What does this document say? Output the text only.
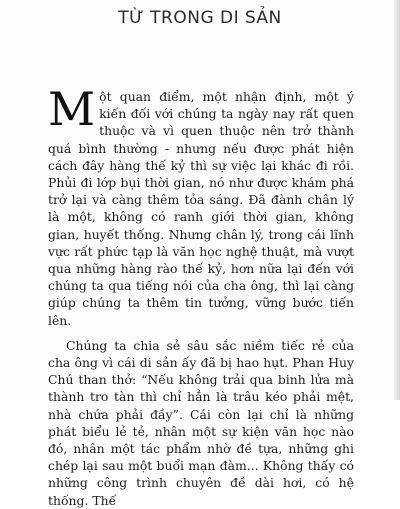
TỪ TRONG DI SẢN

Một quan điểm, một nhận định, một ý kiến đối với chúng ta ngày nay rất quen thuộc và vì quen thuộc nên trở thành quá bình thường - nhưng nếu được phát hiện cách đây hàng thế kỷ thì sự việc lại khác đi rồi. Phủi đi lớp bụi thời gian, nó như được khám phá trở lại và càng thêm tỏa sáng. Đã đành chân lý là một, không có ranh giới thời gian, không gian, huyết thống. Nhưng chân lý, trong cái lĩnh vực rất phức tạp là văn học nghệ thuật, mà vượt qua những hàng rào thế kỷ, hơn nữa lại đến với chúng ta qua tiếng nói của cha ông, thì lại càng giúp chúng ta thêm tin tưởng, vững bước tiến lên.

Chúng ta chia sẻ sâu sắc niềm tiếc rẻ của cha ông vì cái di sản ấy đã bị hao hụt. Phan Huy Chú than thở: “Nếu không trải qua binh lửa mà thành tro tàn thì chỉ hẳn là trâu kéo phải mệt, nhà chứa phải đầy”. Cái còn lại chỉ là những phát biểu lẻ tẻ, nhân một sự kiện văn học nào đó, nhân một tác phẩm nhờ đề tựa, những ghi chép lại sau một buổi mạn đàm... Không thấy có những công trình chuyên đề dài hơi, có hệ thống. Thế
